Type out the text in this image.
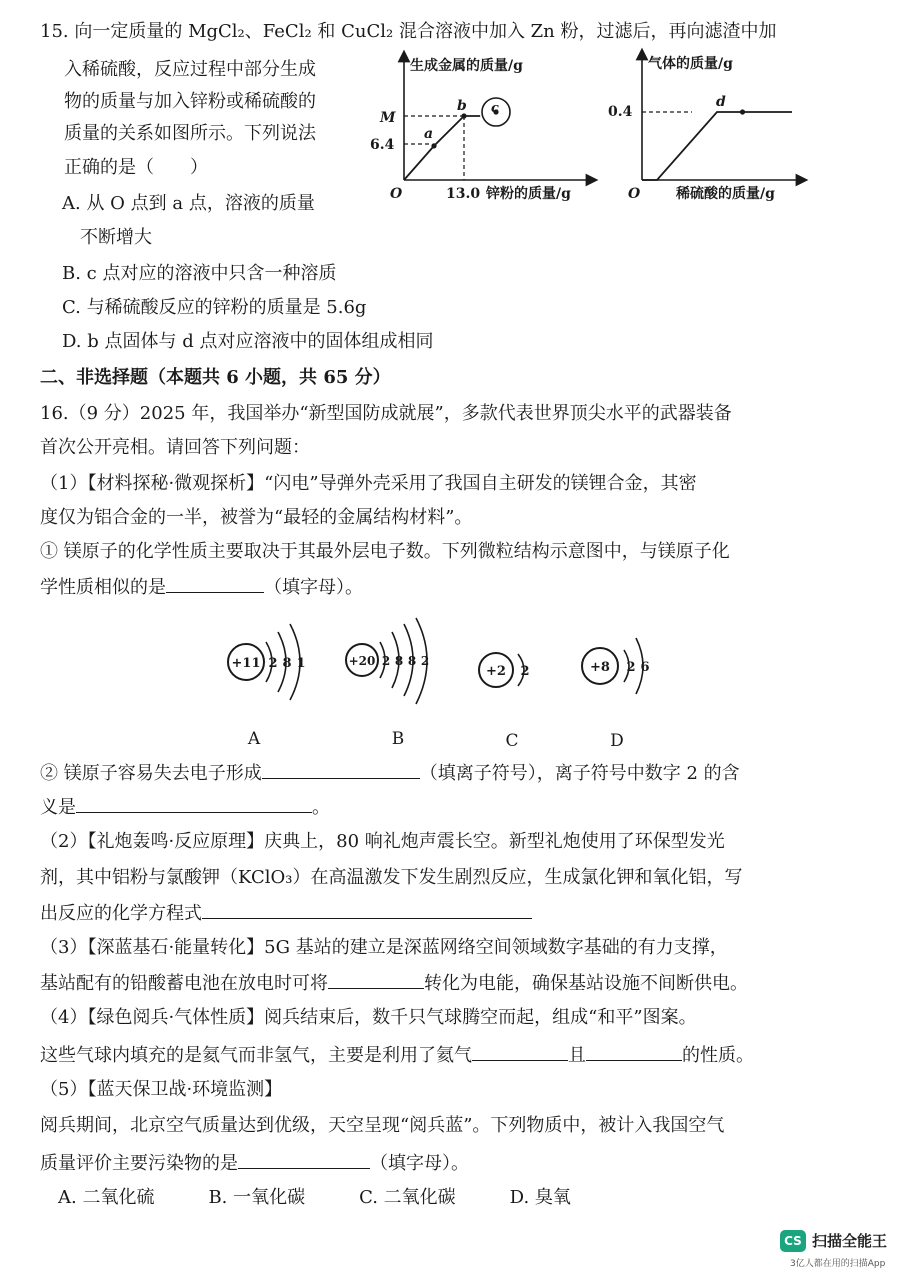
15. 向一定质量的 MgCl₂、FeCl₂ 和 CuCl₂ 混合溶液中加入 Zn 粉，过滤后，再向滤渣中加
入稀硫酸，反应过程中部分生成
物的质量与加入锌粉或稀硫酸的
质量的关系如图所示。下列说法
正确的是（　　）
A. 从 O 点到 a 点，溶液的质量
不断增大
B. c 点对应的溶液中只含一种溶质
C. 与稀硫酸反应的锌粉的质量是 5.6g
D. b 点固体与 d 点对应溶液中的固体组成相同
生成金属的质量/g
锌粉的质量/g
O
M
6.4
13.0
a
b c
气体的质量/g
稀硫酸的质量/g
O
0.4
d
二、非选择题（本题共 6 小题，共 65 分）
16.（9 分）2025 年，我国举办“新型国防成就展”，多款代表世界顶尖水平的武器装备
首次公开亮相。请回答下列问题：
（1）【材料探秘·微观探析】“闪电”导弹外壳采用了我国自主研发的镁锂合金，其密
度仅为铝合金的一半，被誉为“最轻的金属结构材料”。
① 镁原子的化学性质主要取决于其最外层电子数。下列微粒结构示意图中，与镁原子化
学性质相似的是	（填字母）。
+11 2 8 1
A
+20 2 8 8 2
B
+2 2
C
+8 2 6
D
② 镁原子容易失去电子形成	（填离子符号），离子符号中数字 2 的含
义是	。
（2）【礼炮轰鸣·反应原理】庆典上，80 响礼炮声震长空。新型礼炮使用了环保型发光
剂，其中铝粉与氯酸钾（KClO₃）在高温激发下发生剧烈反应，生成氯化钾和氧化铝，写
出反应的化学方程式
（3）【深蓝基石·能量转化】5G 基站的建立是深蓝网络空间领域数字基础的有力支撑，
基站配有的铅酸蓄电池在放电时可将	转化为电能，确保基站设施不间断供电。
（4）【绿色阅兵·气体性质】阅兵结束后，数千只气球腾空而起，组成“和平”图案。
这些气球内填充的是氦气而非氢气，主要是利用了氦气	且	的性质。
（5）【蓝天保卫战·环境监测】
阅兵期间，北京空气质量达到优级，天空呈现“阅兵蓝”。下列物质中，被计入我国空气
质量评价主要污染物的是	（填字母）。
A. 二氧化硫　　　B. 一氧化碳　　　C. 二氧化碳　　　D. 臭氧
CS 扫描全能王
3亿人都在用的扫描App
